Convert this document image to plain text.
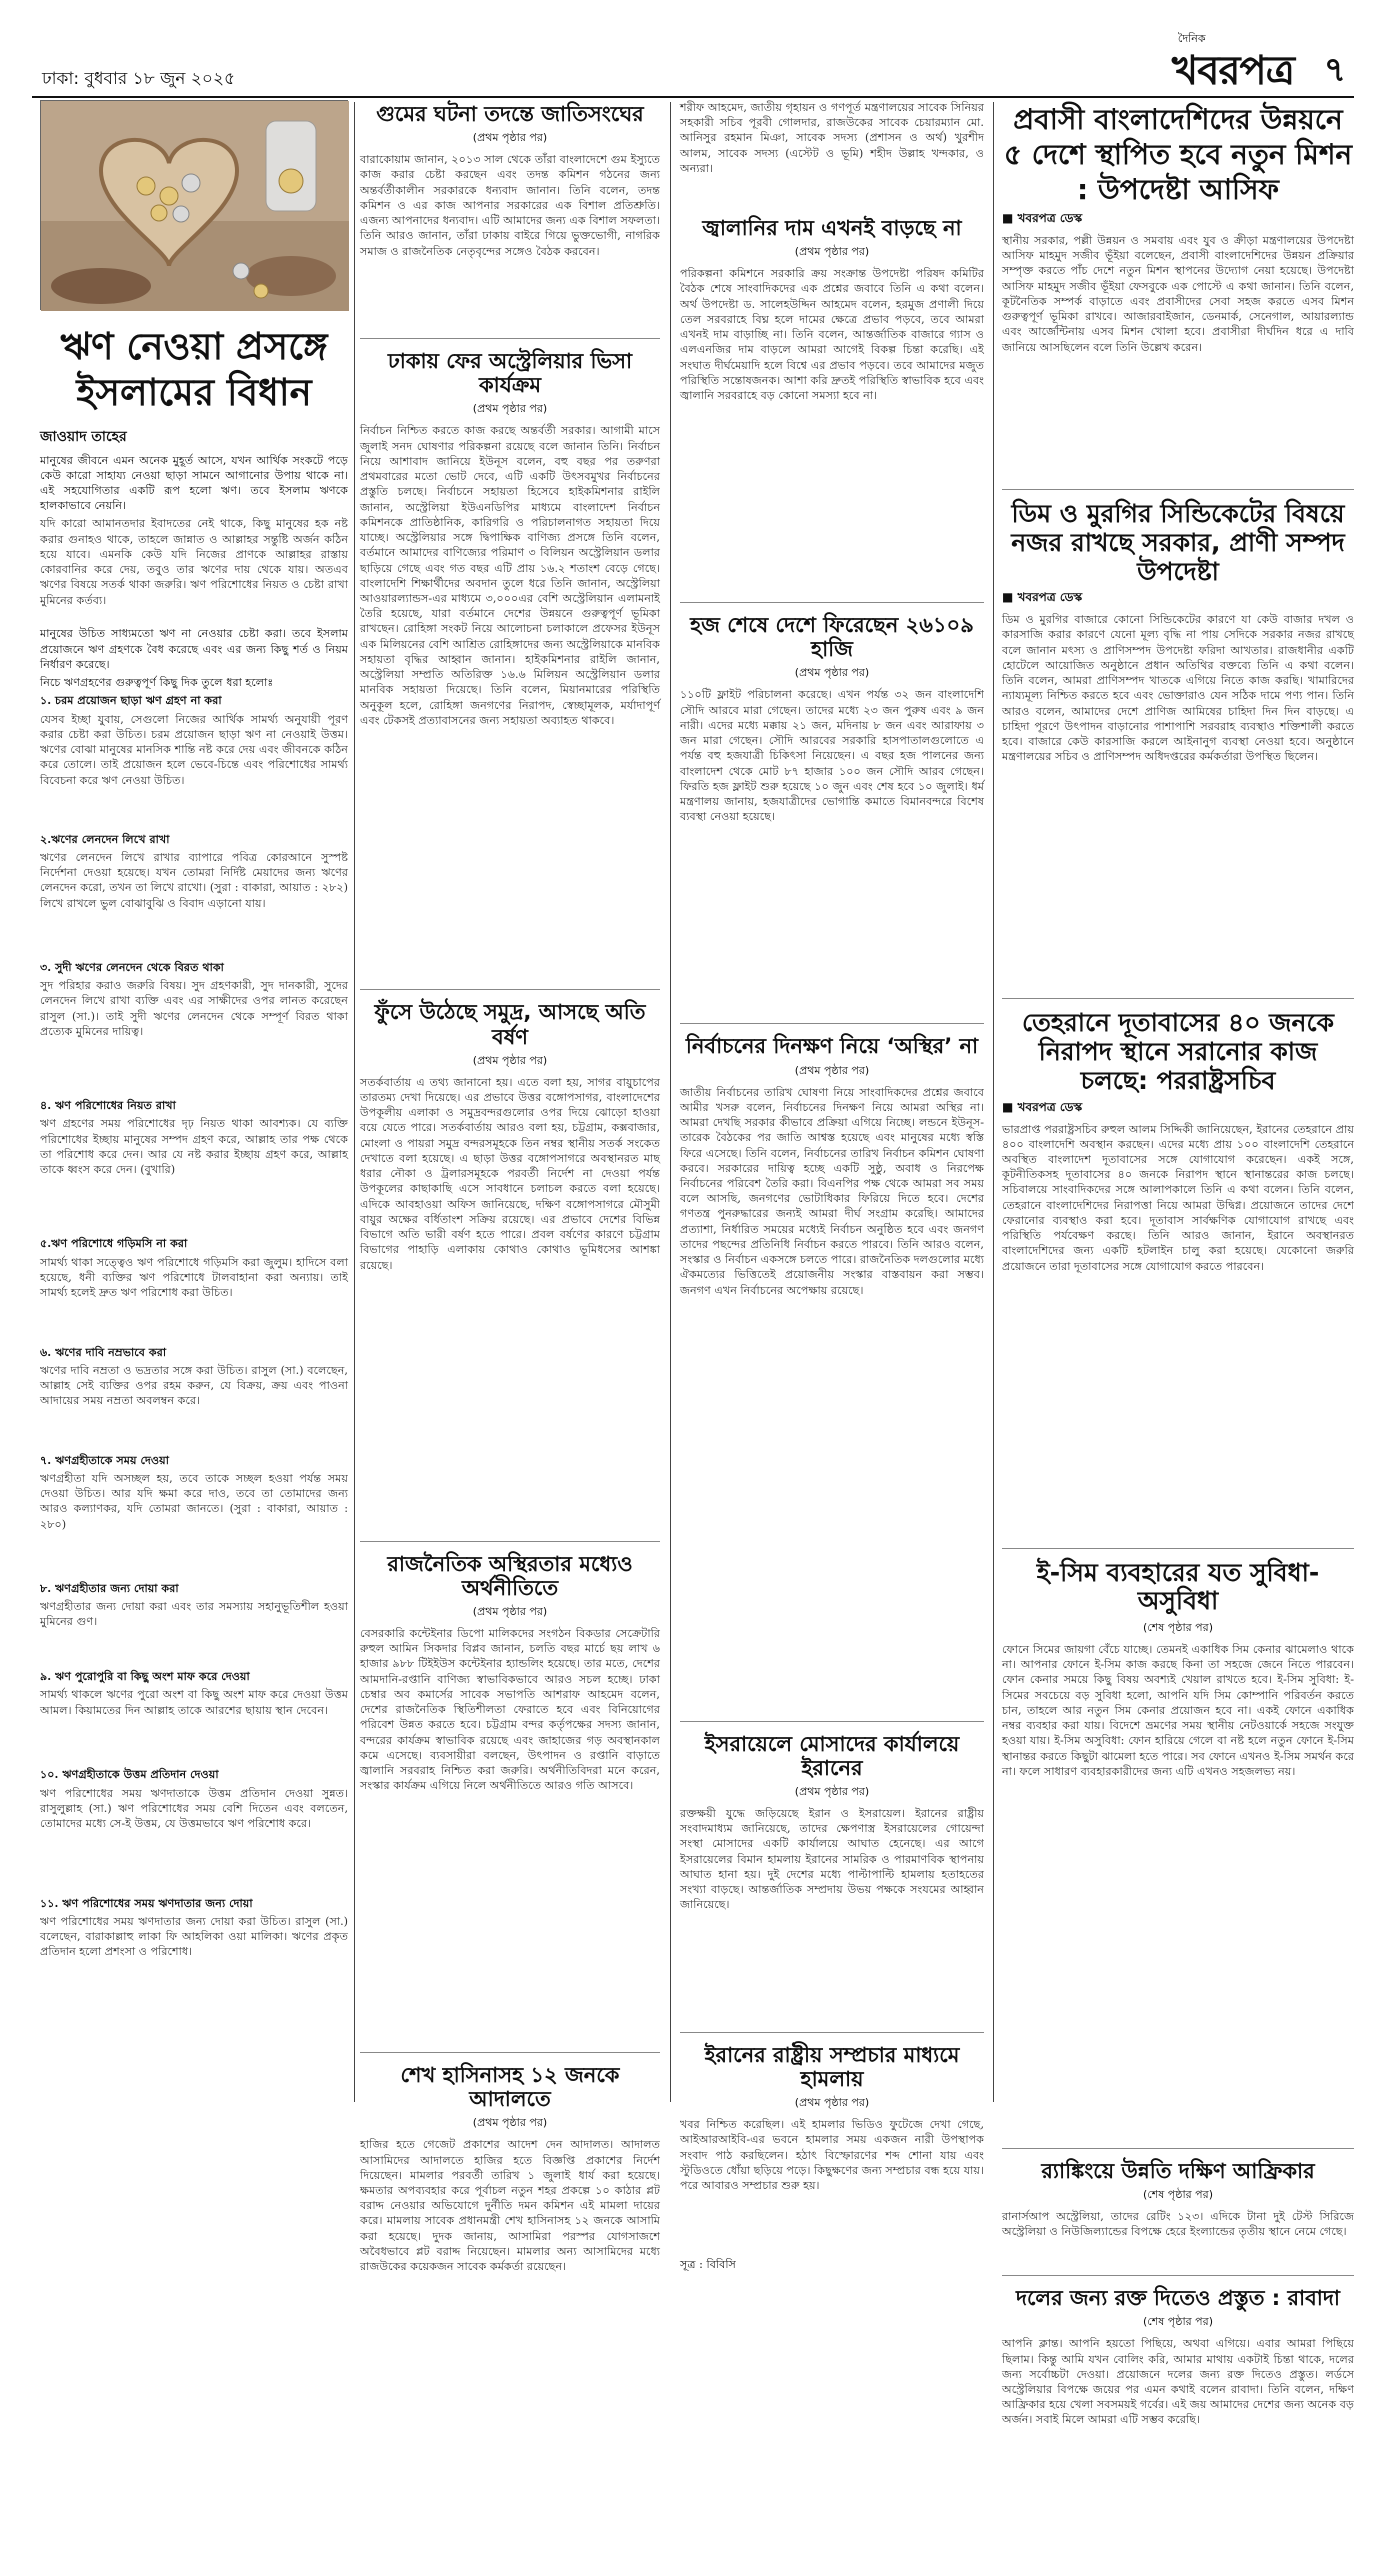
ঢাকা: বুধবার ১৮ জুন ২০২৫
দৈনিক
খবরপত্র ৭
ঋণ নেওয়া প্রসঙ্গে ইসলামের বিধান
জাওয়াদ তাহের

মানুষের জীবনে এমন অনেক মুহূর্ত আসে, যখন আর্থিক সংকটে পড়ে কেউ কারো সাহায্য নেওয়া ছাড়া সামনে আগানোর উপায় থাকে না। এই সহযোগিতার একটি রূপ হলো ঋণ। তবে ইসলাম ঋণকে হালকাভাবে নেয়নি।

যদি কারো আমানতদার ইবাদতের নেই থাকে, কিছু মানুষের হক নষ্ট করার গুনাহও থাকে, তাহলে জান্নাত ও আল্লাহর সন্তুষ্টি অর্জন কঠিন হয়ে যাবে। এমনকি কেউ যদি নিজের প্রাণকে আল্লাহর রাস্তায় কোরবানির করে দেয়, তবুও তার ঋণের দায় থেকে যায়। অতএব ঋণের বিষয়ে সতর্ক থাকা জরুরি। ঋণ পরিশোধের নিয়ত ও চেষ্টা রাখা মুমিনের কর্তব্য।

মানুষের উচিত সাধ্যমতো ঋণ না নেওয়ার চেষ্টা করা। তবে ইসলাম প্রয়োজনে ঋণ গ্রহণকে বৈধ করেছে এবং এর জন্য কিছু শর্ত ও নিয়ম নির্ধারণ করেছে।

নিচে ঋণগ্রহণের গুরুত্বপূর্ণ কিছু দিক তুলে ধরা হলোঃ

১. চরম প্রয়োজন ছাড়া ঋণ গ্রহণ না করা

যেসব ইচ্ছা যুবায়, সেগুলো নিজের আর্থিক সামর্থ্য অনুযায়ী পূরণ করার চেষ্টা করা উচিত। চরম প্রয়োজন ছাড়া ঋণ না নেওয়াই উত্তম। ঋণের বোঝা মানুষের মানসিক শান্তি নষ্ট করে দেয় এবং জীবনকে কঠিন করে তোলে। তাই প্রয়োজন হলে ভেবে-চিন্তে এবং পরিশোধের সামর্থ্য বিবেচনা করে ঋণ নেওয়া উচিত।

২.ঋণের লেনদেন লিখে রাখা

ঋণের লেনদেন লিখে রাখার ব্যাপারে পবিত্র কোরআনে সুস্পষ্ট নির্দেশনা দেওয়া হয়েছে। যখন তোমরা নির্দিষ্ট মেয়াদের জন্য ঋণের লেনদেন করো, তখন তা লিখে রাখো। (সুরা : বাকারা, আয়াত : ২৮২) লিখে রাখলে ভুল বোঝাবুঝি ও বিবাদ এড়ানো যায়।

৩. সুদী ঋণের লেনদেন থেকে বিরত থাকা

সুদ পরিহার করাও জরুরি বিষয়। সুদ গ্রহণকারী, সুদ দানকারী, সুদের লেনদেন লিখে রাখা ব্যক্তি এবং এর সাক্ষীদের ওপর লানত করেছেন রাসুল (সা.)। তাই সুদী ঋণের লেনদেন থেকে সম্পূর্ণ বিরত থাকা প্রত্যেক মুমিনের দায়িত্ব।

৪. ঋণ পরিশোধের নিয়ত রাখা

ঋণ গ্রহণের সময় পরিশোধের দৃঢ় নিয়ত থাকা আবশ্যক। যে ব্যক্তি পরিশোধের ইচ্ছায় মানুষের সম্পদ গ্রহণ করে, আল্লাহ তার পক্ষ থেকে তা পরিশোধ করে দেন। আর যে নষ্ট করার ইচ্ছায় গ্রহণ করে, আল্লাহ তাকে ধ্বংস করে দেন। (বুখারি)

৫.ঋণ পরিশোধে গড়িমসি না করা

সামর্থ্য থাকা সত্ত্বেও ঋণ পরিশোধে গড়িমসি করা জুলুম। হাদিসে বলা হয়েছে, ধনী ব্যক্তির ঋণ পরিশোধে টালবাহানা করা অন্যায়। তাই সামর্থ্য হলেই দ্রুত ঋণ পরিশোধ করা উচিত।

৬. ঋণের দাবি নম্রভাবে করা

ঋণের দাবি নম্রতা ও ভদ্রতার সঙ্গে করা উচিত। রাসুল (সা.) বলেছেন, আল্লাহ সেই ব্যক্তির ওপর রহম করুন, যে বিক্রয়, ক্রয় এবং পাওনা আদায়ের সময় নম্রতা অবলম্বন করে।

৭. ঋণগ্রহীতাকে সময় দেওয়া

ঋণগ্রহীতা যদি অসচ্ছল হয়, তবে তাকে সচ্ছল হওয়া পর্যন্ত সময় দেওয়া উচিত। আর যদি ক্ষমা করে দাও, তবে তা তোমাদের জন্য আরও কল্যাণকর, যদি তোমরা জানতে। (সুরা : বাকারা, আয়াত : ২৮০)

৮. ঋণগ্রহীতার জন্য দোয়া করা

ঋণগ্রহীতার জন্য দোয়া করা এবং তার সমস্যায় সহানুভূতিশীল হওয়া মুমিনের গুণ।

৯. ঋণ পুরোপুরি বা কিছু অংশ মাফ করে দেওয়া

সামর্থ্য থাকলে ঋণের পুরো অংশ বা কিছু অংশ মাফ করে দেওয়া উত্তম আমল। কিয়ামতের দিন আল্লাহ তাকে আরশের ছায়ায় স্থান দেবেন।

১০. ঋণগ্রহীতাকে উত্তম প্রতিদান দেওয়া

ঋণ পরিশোধের সময় ঋণদাতাকে উত্তম প্রতিদান দেওয়া সুন্নত। রাসুলুল্লাহ (সা.) ঋণ পরিশোধের সময় বেশি দিতেন এবং বলতেন, তোমাদের মধ্যে সে-ই উত্তম, যে উত্তমভাবে ঋণ পরিশোধ করে।

১১. ঋণ পরিশোধের সময় ঋণদাতার জন্য দোয়া

ঋণ পরিশোধের সময় ঋণদাতার জন্য দোয়া করা উচিত। রাসুল (সা.) বলেছেন, বারাকাল্লাহু লাকা ফি আহলিকা ওয়া মালিকা। ঋণের প্রকৃত প্রতিদান হলো প্রশংসা ও পরিশোধ।
গুমের ঘটনা তদন্তে জাতিসংঘের
(প্রথম পৃষ্ঠার পর)
বারাকোয়াম জানান, ২০১৩ সাল থেকে তাঁরা বাংলাদেশে গুম ইস্যুতে কাজ করার চেষ্টা করছেন এবং তদন্ত কমিশন গঠনের জন্য অন্তর্বর্তীকালীন সরকারকে ধন্যবাদ জানান। তিনি বলেন, তদন্ত কমিশন ও এর কাজ আপনার সরকারের এক বিশাল প্রতিশ্রুতি। এজন্য আপনাদের ধন্যবাদ। এটি আমাদের জন্য এক বিশাল সফলতা। তিনি আরও জানান, তাঁরা ঢাকায় বাইরে গিয়ে ভুক্তভোগী, নাগরিক সমাজ ও রাজনৈতিক নেতৃবৃন্দের সঙ্গেও বৈঠক করবেন।
ঢাকায় ফের অস্ট্রেলিয়ার ভিসা কার্যক্রম
(প্রথম পৃষ্ঠার পর)
নির্বাচন নিশ্চিত করতে কাজ করছে অন্তর্বর্তী সরকার। আগামী মাসে জুলাই সনদ ঘোষণার পরিকল্পনা রয়েছে বলে জানান তিনি। নির্বাচন নিয়ে আশাবাদ জানিয়ে ইউনূস বলেন, বহু বছর পর তরুণরা প্রথমবারের মতো ভোট দেবে, এটি একটি উৎসবমুখর নির্বাচনের প্রস্তুতি চলছে। নির্বাচনে সহায়তা হিসেবে হাইকমিশনার রাইলি জানান, অস্ট্রেলিয়া ইউএনডিপির মাধ্যমে বাংলাদেশ নির্বাচন কমিশনকে প্রাতিষ্ঠানিক, কারিগরি ও পরিচালনাগত সহায়তা দিয়ে যাচ্ছে। অস্ট্রেলিয়ার সঙ্গে দ্বিপাক্ষিক বাণিজ্য প্রসঙ্গে তিনি বলেন, বর্তমানে আমাদের বাণিজ্যের পরিমাণ ৩ বিলিয়ন অস্ট্রেলিয়ান ডলার ছাড়িয়ে গেছে এবং গত বছর এটি প্রায় ১৬.২ শতাংশ বেড়ে গেছে। বাংলাদেশি শিক্ষার্থীদের অবদান তুলে ধরে তিনি জানান, অস্ট্রেলিয়া আওয়ারল্যান্ডস-এর মাধ্যমে ৩,০০০এর বেশি অস্ট্রেলিয়ান এলামনাই তৈরি হয়েছে, যারা বর্তমানে দেশের উন্নয়নে গুরুত্বপূর্ণ ভূমিকা রাখছেন। রোহিঙ্গা সংকট নিয়ে আলোচনা চলাকালে প্রফেসর ইউনূস এক মিলিয়নের বেশি আশ্রিত রোহিঙ্গাদের জন্য অস্ট্রেলিয়াকে মানবিক সহায়তা বৃদ্ধির আহ্বান জানান। হাইকমিশনার রাইলি জানান, অস্ট্রেলিয়া সম্প্রতি অতিরিক্ত ১৬.৬ মিলিয়ন অস্ট্রেলিয়ান ডলার মানবিক সহায়তা দিয়েছে। তিনি বলেন, মিয়ানমারের পরিস্থিতি অনুকূল হলে, রোহিঙ্গা জনগণের নিরাপদ, স্বেচ্ছামূলক, মর্যাদাপূর্ণ এবং টেকসই প্রত্যাবাসনের জন্য সহায়তা অব্যাহত থাকবে।
ফুঁসে উঠেছে সমুদ্র, আসছে অতি বর্ষণ
(প্রথম পৃষ্ঠার পর)
সতর্কবার্তায় এ তথ্য জানানো হয়। এতে বলা হয়, সাগর বায়ুচাপের তারতম্য দেখা দিয়েছে। এর প্রভাবে উত্তর বঙ্গোপসাগর, বাংলাদেশের উপকূলীয় এলাকা ও সমুদ্রবন্দরগুলোর ওপর দিয়ে ঝোড়ো হাওয়া বয়ে যেতে পারে। সতর্কবার্তায় আরও বলা হয়, চট্টগ্রাম, কক্সবাজার, মোংলা ও পায়রা সমুদ্র বন্দরসমূহকে তিন নম্বর স্থানীয় সতর্ক সংকেত দেখাতে বলা হয়েছে। এ ছাড়া উত্তর বঙ্গোপসাগরে অবস্থানরত মাছ ধরার নৌকা ও ট্রলারসমূহকে পরবর্তী নির্দেশ না দেওয়া পর্যন্ত উপকূলের কাছাকাছি এসে সাবধানে চলাচল করতে বলা হয়েছে। এদিকে আবহাওয়া অফিস জানিয়েছে, দক্ষিণ বঙ্গোপসাগরে মৌসুমী বায়ুর অক্ষের বর্ধিতাংশ সক্রিয় রয়েছে। এর প্রভাবে দেশের বিভিন্ন বিভাগে অতি ভারী বর্ষণ হতে পারে। প্রবল বর্ষণের কারণে চট্টগ্রাম বিভাগের পাহাড়ি এলাকায় কোথাও কোথাও ভূমিধসের আশঙ্কা রয়েছে।
রাজনৈতিক অস্থিরতার মধ্যেও অর্থনীতিতে
(প্রথম পৃষ্ঠার পর)
বেসরকারি কন্টেইনার ডিপো মালিকদের সংগঠন বিকডার সেক্রেটারি রুহুল আমিন সিকদার বিপ্লব জানান, চলতি বছর মার্চে ছয় লাখ ৬ হাজার ৯৮৮ টিইইউস কন্টেইনার হ্যান্ডলিং হয়েছে। তার মতে, দেশের আমদানি-রপ্তানি বাণিজ্য স্বাভাবিকভাবে আরও সচল হচ্ছে। ঢাকা চেম্বার অব কমার্সের সাবেক সভাপতি আশরাফ আহমেদ বলেন, দেশের রাজনৈতিক স্থিতিশীলতা ফেরাতে হবে এবং বিনিয়োগের পরিবেশ উন্নত করতে হবে। চট্টগ্রাম বন্দর কর্তৃপক্ষের সদস্য জানান, বন্দরের কার্যক্রম স্বাভাবিক রয়েছে এবং জাহাজের গড় অবস্থানকাল কমে এসেছে। ব্যবসায়ীরা বলছেন, উৎপাদন ও রপ্তানি বাড়াতে জ্বালানি সরবরাহ নিশ্চিত করা জরুরি। অর্থনীতিবিদরা মনে করেন, সংস্কার কার্যক্রম এগিয়ে নিলে অর্থনীতিতে আরও গতি আসবে।
শেখ হাসিনাসহ ১২ জনকে আদালতে
(প্রথম পৃষ্ঠার পর)
হাজির হতে গেজেট প্রকাশের আদেশ দেন আদালত। আদালত আসামিদের আদালতে হাজির হতে বিজ্ঞপ্তি প্রকাশের নির্দেশ দিয়েছেন। মামলার পরবর্তী তারিখ ১ জুলাই ধার্য করা হয়েছে। ক্ষমতার অপব্যবহার করে পূর্বাচল নতুন শহর প্রকল্পে ১০ কাঠার প্লট বরাদ্দ নেওয়ার অভিযোগে দুর্নীতি দমন কমিশন এই মামলা দায়ের করে। মামলায় সাবেক প্রধানমন্ত্রী শেখ হাসিনাসহ ১২ জনকে আসামি করা হয়েছে। দুদক জানায়, আসামিরা পরস্পর যোগসাজশে অবৈধভাবে প্লট বরাদ্দ নিয়েছেন। মামলার অন্য আসামিদের মধ্যে রাজউকের কয়েকজন সাবেক কর্মকর্তা রয়েছেন।
শরীফ আহমেদ, জাতীয় গৃহায়ন ও গণপূর্ত মন্ত্রণালয়ের সাবেক সিনিয়র সহকারী সচিব পূরবী গোলদার, রাজউকের সাবেক চেয়ারম্যান মো. আনিসুর রহমান মিঞা, সাবেক সদস্য (প্রশাসন ও অর্থ) খুরশীদ আলম, সাবেক সদস্য (এস্টেট ও ভূমি) শহীদ উল্লাহ খন্দকার, ও অন্যরা।
জ্বালানির দাম এখনই বাড়ছে না
(প্রথম পৃষ্ঠার পর)
পরিকল্পনা কমিশনে সরকারি ক্রয় সংক্রান্ত উপদেষ্টা পরিষদ কমিটির বৈঠক শেষে সাংবাদিকদের এক প্রশ্নের জবাবে তিনি এ কথা বলেন। অর্থ উপদেষ্টা ড. সালেহউদ্দিন আহমেদ বলেন, হরমুজ প্রণালী দিয়ে তেল সরবরাহে বিঘ্ন হলে দামের ক্ষেত্রে প্রভাব পড়বে, তবে আমরা এখনই দাম বাড়াচ্ছি না। তিনি বলেন, আন্তর্জাতিক বাজারে গ্যাস ও এলএনজির দাম বাড়লে আমরা আগেই বিকল্প চিন্তা করেছি। এই সংঘাত দীর্ঘমেয়াদি হলে বিশ্বে এর প্রভাব পড়বে। তবে আমাদের মজুত পরিস্থিতি সন্তোষজনক। আশা করি দ্রুতই পরিস্থিতি স্বাভাবিক হবে এবং জ্বালানি সরবরাহে বড় কোনো সমস্যা হবে না।
হজ শেষে দেশে ফিরেছেন ২৬১০৯ হাজি
(প্রথম পৃষ্ঠার পর)
১১০টি ফ্লাইট পরিচালনা করেছে। এখন পর্যন্ত ৩২ জন বাংলাদেশি সৌদি আরবে মারা গেছেন। তাদের মধ্যে ২৩ জন পুরুষ এবং ৯ জন নারী। এদের মধ্যে মক্কায় ২১ জন, মদিনায় ৮ জন এবং আরাফায় ৩ জন মারা গেছেন। সৌদি আরবের সরকারি হাসপাতালগুলোতে এ পর্যন্ত বহু হজযাত্রী চিকিৎসা নিয়েছেন। এ বছর হজ পালনের জন্য বাংলাদেশ থেকে মোট ৮৭ হাজার ১০০ জন সৌদি আরব গেছেন। ফিরতি হজ ফ্লাইট শুরু হয়েছে ১০ জুন এবং শেষ হবে ১০ জুলাই। ধর্ম মন্ত্রণালয় জানায়, হজযাত্রীদের ভোগান্তি কমাতে বিমানবন্দরে বিশেষ ব্যবস্থা নেওয়া হয়েছে।
নির্বাচনের দিনক্ষণ নিয়ে ‘অস্থির’ না
(প্রথম পৃষ্ঠার পর)
জাতীয় নির্বাচনের তারিখ ঘোষণা নিয়ে সাংবাদিকদের প্রশ্নের জবাবে আমীর খসরু বলেন, নির্বাচনের দিনক্ষণ নিয়ে আমরা অস্থির না। আমরা দেখছি সরকার কীভাবে প্রক্রিয়া এগিয়ে নিচ্ছে। লন্ডনে ইউনূস-তারেক বৈঠকের পর জাতি আশ্বস্ত হয়েছে এবং মানুষের মধ্যে স্বস্তি ফিরে এসেছে। তিনি বলেন, নির্বাচনের তারিখ নির্বাচন কমিশন ঘোষণা করবে। সরকারের দায়িত্ব হচ্ছে একটি সুষ্ঠু, অবাধ ও নিরপেক্ষ নির্বাচনের পরিবেশ তৈরি করা। বিএনপির পক্ষ থেকে আমরা সব সময় বলে আসছি, জনগণের ভোটাধিকার ফিরিয়ে দিতে হবে। দেশের গণতন্ত্র পুনরুদ্ধারের জন্যই আমরা দীর্ঘ সংগ্রাম করেছি। আমাদের প্রত্যাশা, নির্ধারিত সময়ের মধ্যেই নির্বাচন অনুষ্ঠিত হবে এবং জনগণ তাদের পছন্দের প্রতিনিধি নির্বাচন করতে পারবে। তিনি আরও বলেন, সংস্কার ও নির্বাচন একসঙ্গে চলতে পারে। রাজনৈতিক দলগুলোর মধ্যে ঐকমত্যের ভিত্তিতেই প্রয়োজনীয় সংস্কার বাস্তবায়ন করা সম্ভব। জনগণ এখন নির্বাচনের অপেক্ষায় রয়েছে।
ইসরায়েলে মোসাদের কার্যালয়ে ইরানের
(প্রথম পৃষ্ঠার পর)
রক্তক্ষয়ী যুদ্ধে জড়িয়েছে ইরান ও ইসরায়েল। ইরানের রাষ্ট্রীয় সংবাদমাধ্যম জানিয়েছে, তাদের ক্ষেপণাস্ত্র ইসরায়েলের গোয়েন্দা সংস্থা মোসাদের একটি কার্যালয়ে আঘাত হেনেছে। এর আগে ইসরায়েলের বিমান হামলায় ইরানের সামরিক ও পারমাণবিক স্থাপনায় আঘাত হানা হয়। দুই দেশের মধ্যে পাল্টাপাল্টি হামলায় হতাহতের সংখ্যা বাড়ছে। আন্তর্জাতিক সম্প্রদায় উভয় পক্ষকে সংযমের আহ্বান জানিয়েছে।
ইরানের রাষ্ট্রীয় সম্প্রচার মাধ্যমে হামলায়
(প্রথম পৃষ্ঠার পর)
খবর নিশ্চিত করেছিল। এই হামলার ভিডিও ফুটেজে দেখা গেছে, আইআরআইবি-এর ভবনে হামলার সময় একজন নারী উপস্থাপক সংবাদ পাঠ করছিলেন। হঠাৎ বিস্ফোরণের শব্দ শোনা যায় এবং স্টুডিওতে ধোঁয়া ছড়িয়ে পড়ে। কিছুক্ষণের জন্য সম্প্রচার বন্ধ হয়ে যায়। পরে আবারও সম্প্রচার শুরু হয়।

সূত্র : বিবিসি

প্রবাসী বাংলাদেশিদের উন্নয়নে ৫ দেশে স্থাপিত হবে নতুন মিশন : উপদেষ্টা আসিফ
■ খবরপত্র ডেস্ক
স্থানীয় সরকার, পল্লী উন্নয়ন ও সমবায় এবং যুব ও ক্রীড়া মন্ত্রণালয়ের উপদেষ্টা আসিফ মাহমুদ সজীব ভূঁইয়া বলেছেন, প্রবাসী বাংলাদেশিদের উন্নয়ন প্রক্রিয়ার সম্পৃক্ত করতে পাঁচ দেশে নতুন মিশন স্থাপনের উদ্যোগ নেয়া হয়েছে। উপদেষ্টা আসিফ মাহমুদ সজীব ভূঁইয়া ফেসবুকে এক পোস্টে এ কথা জানান। তিনি বলেন, কূটনৈতিক সম্পর্ক বাড়াতে এবং প্রবাসীদের সেবা সহজ করতে এসব মিশন গুরুত্বপূর্ণ ভূমিকা রাখবে। আজারবাইজান, ডেনমার্ক, সেনেগাল, আয়ারল্যান্ড এবং আর্জেন্টিনায় এসব মিশন খোলা হবে। প্রবাসীরা দীর্ঘদিন ধরে এ দাবি জানিয়ে আসছিলেন বলে তিনি উল্লেখ করেন।
ডিম ও মুরগির সিন্ডিকেটের বিষয়ে নজর রাখছে সরকার, প্রাণী সম্পদ উপদেষ্টা
■ খবরপত্র ডেস্ক
ডিম ও মুরগির বাজারে কোনো সিন্ডিকেটের কারণে যা কেউ বাজার দখল ও কারসাজি করার কারণে যেনো মূল্য বৃদ্ধি না পায় সেদিকে সরকার নজর রাখছে বলে জানান মৎস্য ও প্রাণিসম্পদ উপদেষ্টা ফরিদা আখতার। রাজধানীর একটি হোটেলে আয়োজিত অনুষ্ঠানে প্রধান অতিথির বক্তব্যে তিনি এ কথা বলেন। তিনি বলেন, আমরা প্রাণিসম্পদ খাতকে এগিয়ে নিতে কাজ করছি। খামারিদের ন্যায্যমূল্য নিশ্চিত করতে হবে এবং ভোক্তারাও যেন সঠিক দামে পণ্য পান। তিনি আরও বলেন, আমাদের দেশে প্রাণিজ আমিষের চাহিদা দিন দিন বাড়ছে। এ চাহিদা পূরণে উৎপাদন বাড়ানোর পাশাপাশি সরবরাহ ব্যবস্থাও শক্তিশালী করতে হবে। বাজারে কেউ কারসাজি করলে আইনানুগ ব্যবস্থা নেওয়া হবে। অনুষ্ঠানে মন্ত্রণালয়ের সচিব ও প্রাণিসম্পদ অধিদপ্তরের কর্মকর্তারা উপস্থিত ছিলেন।
তেহরানে দূতাবাসের ৪০ জনকে নিরাপদ স্থানে সরানোর কাজ চলছে: পররাষ্ট্রসচিব
■ খবরপত্র ডেস্ক
ভারপ্রাপ্ত পররাষ্ট্রসচিব রুহুল আলম সিদ্দিকী জানিয়েছেন, ইরানের তেহরানে প্রায় ৪০০ বাংলাদেশি অবস্থান করছেন। এদের মধ্যে প্রায় ১০০ বাংলাদেশি তেহরানে অবস্থিত বাংলাদেশ দূতাবাসের সঙ্গে যোগাযোগ করেছেন। একই সঙ্গে, কূটনীতিকসহ দূতাবাসের ৪০ জনকে নিরাপদ স্থানে স্থানান্তরের কাজ চলছে। সচিবালয়ে সাংবাদিকদের সঙ্গে আলাপকালে তিনি এ কথা বলেন। তিনি বলেন, তেহরানে বাংলাদেশিদের নিরাপত্তা নিয়ে আমরা উদ্বিগ্ন। প্রয়োজনে তাদের দেশে ফেরানোর ব্যবস্থাও করা হবে। দূতাবাস সার্বক্ষণিক যোগাযোগ রাখছে এবং পরিস্থিতি পর্যবেক্ষণ করছে। তিনি আরও জানান, ইরানে অবস্থানরত বাংলাদেশিদের জন্য একটি হটলাইন চালু করা হয়েছে। যেকোনো জরুরি প্রয়োজনে তারা দূতাবাসের সঙ্গে যোগাযোগ করতে পারবেন।
ই-সিম ব্যবহারের যত সুবিধা-অসুবিধা
(শেষ পৃষ্ঠার পর)
ফোনে সিমের জায়গা বেঁচে যাচ্ছে। তেমনই একাধিক সিম কেনার ঝামেলাও থাকে না। আপনার ফোনে ই-সিম কাজ করছে কিনা তা সহজে জেনে নিতে পারবেন। ফোন কেনার সময়ে কিছু বিষয় অবশ্যই খেয়াল রাখতে হবে। ই-সিম সুবিধা: ই-সিমের সবচেয়ে বড় সুবিধা হলো, আপনি যদি সিম কোম্পানি পরিবর্তন করতে চান, তাহলে আর নতুন সিম কেনার প্রয়োজন হবে না। একই ফোনে একাধিক নম্বর ব্যবহার করা যায়। বিদেশে ভ্রমণের সময় স্থানীয় নেটওয়ার্কে সহজে সংযুক্ত হওয়া যায়। ই-সিম অসুবিধা: ফোন হারিয়ে গেলে বা নষ্ট হলে নতুন ফোনে ই-সিম স্থানান্তর করতে কিছুটা ঝামেলা হতে পারে। সব ফোনে এখনও ই-সিম সমর্থন করে না। ফলে সাধারণ ব্যবহারকারীদের জন্য এটি এখনও সহজলভ্য নয়।
র‌্যাঙ্কিংয়ে উন্নতি দক্ষিণ আফ্রিকার
(শেষ পৃষ্ঠার পর)
রানার্সআপ অস্ট্রেলিয়া, তাদের রেটিং ১২৩। এদিকে টানা দুই টেস্ট সিরিজে অস্ট্রেলিয়া ও নিউজিল্যান্ডের বিপক্ষে হেরে ইংল্যান্ডের তৃতীয় স্থানে নেমে গেছে।
দলের জন্য রক্ত দিতেও প্রস্তুত : রাবাদা
(শেষ পৃষ্ঠার পর)
আপনি ক্লান্ত। আপনি হয়তো পিছিয়ে, অথবা এগিয়ে। এবার আমরা পিছিয়ে ছিলাম। কিন্তু আমি যখন বোলিং করি, আমার মাথায় একটাই চিন্তা থাকে, দলের জন্য সর্বোচ্চটা দেওয়া। প্রয়োজনে দলের জন্য রক্ত দিতেও প্রস্তুত। লর্ডসে অস্ট্রেলিয়ার বিপক্ষে জয়ের পর এমন কথাই বলেন রাবাদা। তিনি বলেন, দক্ষিণ আফ্রিকার হয়ে খেলা সবসময়ই গর্বের। এই জয় আমাদের দেশের জন্য অনেক বড় অর্জন। সবাই মিলে আমরা এটি সম্ভব করেছি।
